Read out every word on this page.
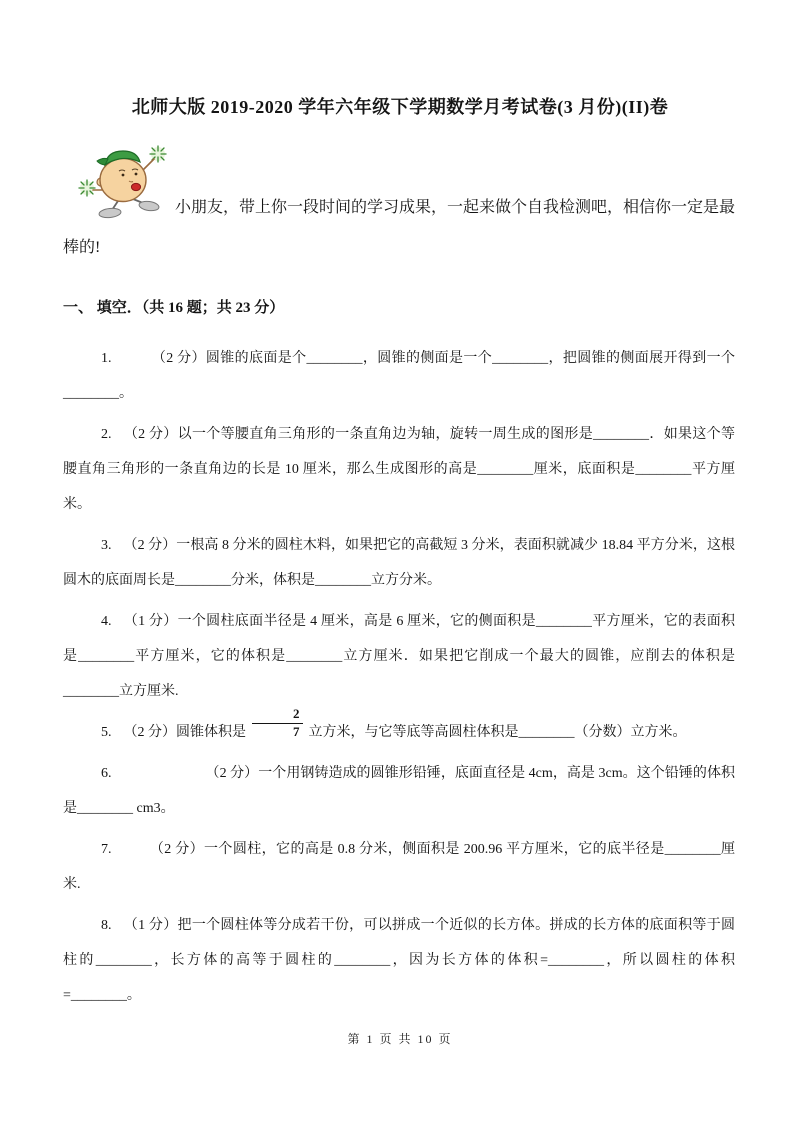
北师大版 2019-2020 学年六年级下学期数学月考试卷(3 月份)(II)卷

小朋友，带上你一段时间的学习成果，一起来做个自我检测吧，相信你一定是最棒的!

一、 填空．（共 16 题；共 23 分）

1.	（2 分）圆锥的底面是个________，圆锥的侧面是一个________，把圆锥的侧面展开得到一个________。

2. （2 分）以一个等腰直角三角形的一条直角边为轴，旋转一周生成的图形是________．如果这个等腰直角三角形的一条直角边的长是 10 厘米，那么生成图形的高是________厘米，底面积是________平方厘米。

3. （2 分）一根高 8 分米的圆柱木料，如果把它的高截短 3 分米，表面积就减少 18.84 平方分米，这根圆木的底面周长是________分米，体积是________立方分米。

4. （1 分）一个圆柱底面半径是 4 厘米，高是 6 厘米，它的侧面积是________平方厘米，它的表面积是________平方厘米，它的体积是________立方厘米．如果把它削成一个最大的圆锥，应削去的体积是________立方厘米.

5. （2 分）圆锥体积是 $\frac{2}{7}$ 立方米，与它等底等高圆柱体积是________（分数）立方米。

6.	（2 分）一个用钢铸造成的圆锥形铅锤，底面直径是 4cm，高是 3cm。这个铅锤的体积是________ cm3。

7.	（2 分）一个圆柱，它的高是 0.8 分米，侧面积是 200.96 平方厘米，它的底半径是________厘米.

8. （1 分）把一个圆柱体等分成若干份，可以拼成一个近似的长方体。拼成的长方体的底面积等于圆柱的________，长方体的高等于圆柱的________，因为长方体的体积=________，所以圆柱的体积=________。

第 1 页 共 10 页
